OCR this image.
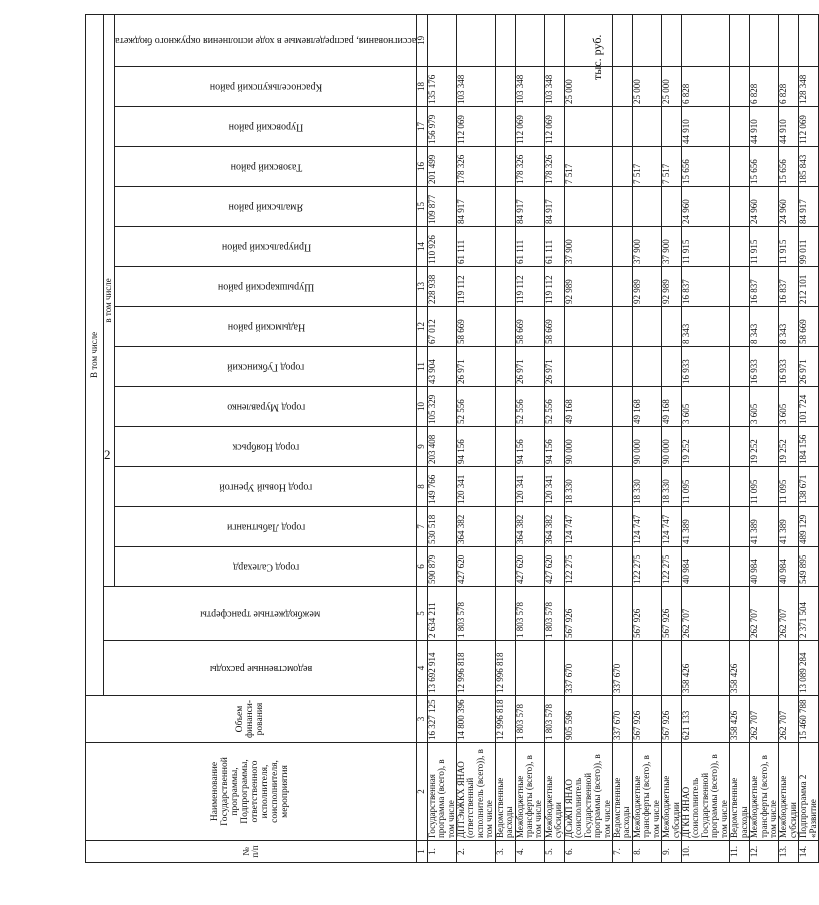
2
тыс. руб.
№ п/п	Наименование Государственной программы, Подпрограммы, ответственного исполнителя, соисполнителя, мероприятия	Объем финанси-рования	В том числе															
			ведомственные расходы	межбюджетные трансферты	в том числе													
					город Салехард	город Лабытнанги	город Новый Уренгой	город Ноябрьск	город Муравленко	город Губкинский	Надымский район	Шурышкарский район	Приуральский район	Ямальский район	Тазовский район	Пуровский район	Красноселькупский район	ассигнования, распределяемые в ходе исполнения окружного бюджета
1	2	3	4	5	6	7	8	9	10	11	12	13	14	15	16	17	18	19
1.	Государственная программа (всего), в том числе	16 327 125	13 692 914	2 634 211	590 879	530 518	149 766	203 408	105 329	43 904	67 012	228 938	110 926	109 877	201 499	156 979	135 176	
2.	ДПТЭиЖКХ ЯНАО (ответственный исполнитель (всего)), в том числе	14 800 396	12 996 818	1 803 578	427 620	364 382	120 341	94 156	52 556	26 971	58 669	119 112	61 111	84 917	178 326	112 069	103 348	
3.	Ведомственные расходы	12 996 818	12 996 818															
4.	Межбюджетные трансферты (всего), в том числе	1 803 578		1 803 578	427 620	364 382	120 341	94 156	52 556	26 971	58 669	119 112	61 111	84 917	178 326	112 069	103 348	
5.	Межбюджетные субсидии	1 803 578		1 803 578	427 620	364 382	120 341	94 156	52 556	26 971	58 669	119 112	61 111	84 917	178 326	112 069	103 348	
6.	ДСиЖП ЯНАО (соисполнитель Государственной программы (всего)), в том числе	905 596	337 670	567 926	122 275	124 747	18 330	90 000	49 168			92 989	37 900		7 517		25 000	
7.	Ведомственные расходы	337 670	337 670															
8.	Межбюджетные трансферты (всего), в том числе	567 926		567 926	122 275	124 747	18 330	90 000	49 168			92 989	37 900		7 517		25 000	
9.	Межбюджетные субсидии	567 926		567 926	122 275	124 747	18 330	90 000	49 168			92 989	37 900		7 517		25 000	
10.	ДГКН ЯНАО (соисполнитель Государственной программы (всего)), в том числе	621 133	358 426	262 707	40 984	41 389	11 095	19 252	3 605	16 933	8 343	16 837	11 915	24 960	15 656	44 910	6 828	
11.	Ведомственные расходы	358 426	358 426															
12.	Межбюджетные трансферты (всего), в том числе	262 707		262 707	40 984	41 389	11 095	19 252	3 605	16 933	8 343	16 837	11 915	24 960	15 656	44 910	6 828	
13.	Межбюджетные субсидии	262 707		262 707	40 984	41 389	11 095	19 252	3 605	16 933	8 343	16 837	11 915	24 960	15 656	44 910	6 828	
14.	Подпрограмма 2 «Развитие	15 460 788	13 089 284	2 371 504	549 895	489 129	138 671	184 156	101 724	26 971	58 669	212 101	99 011	84 917	185 843	112 069	128 348	
